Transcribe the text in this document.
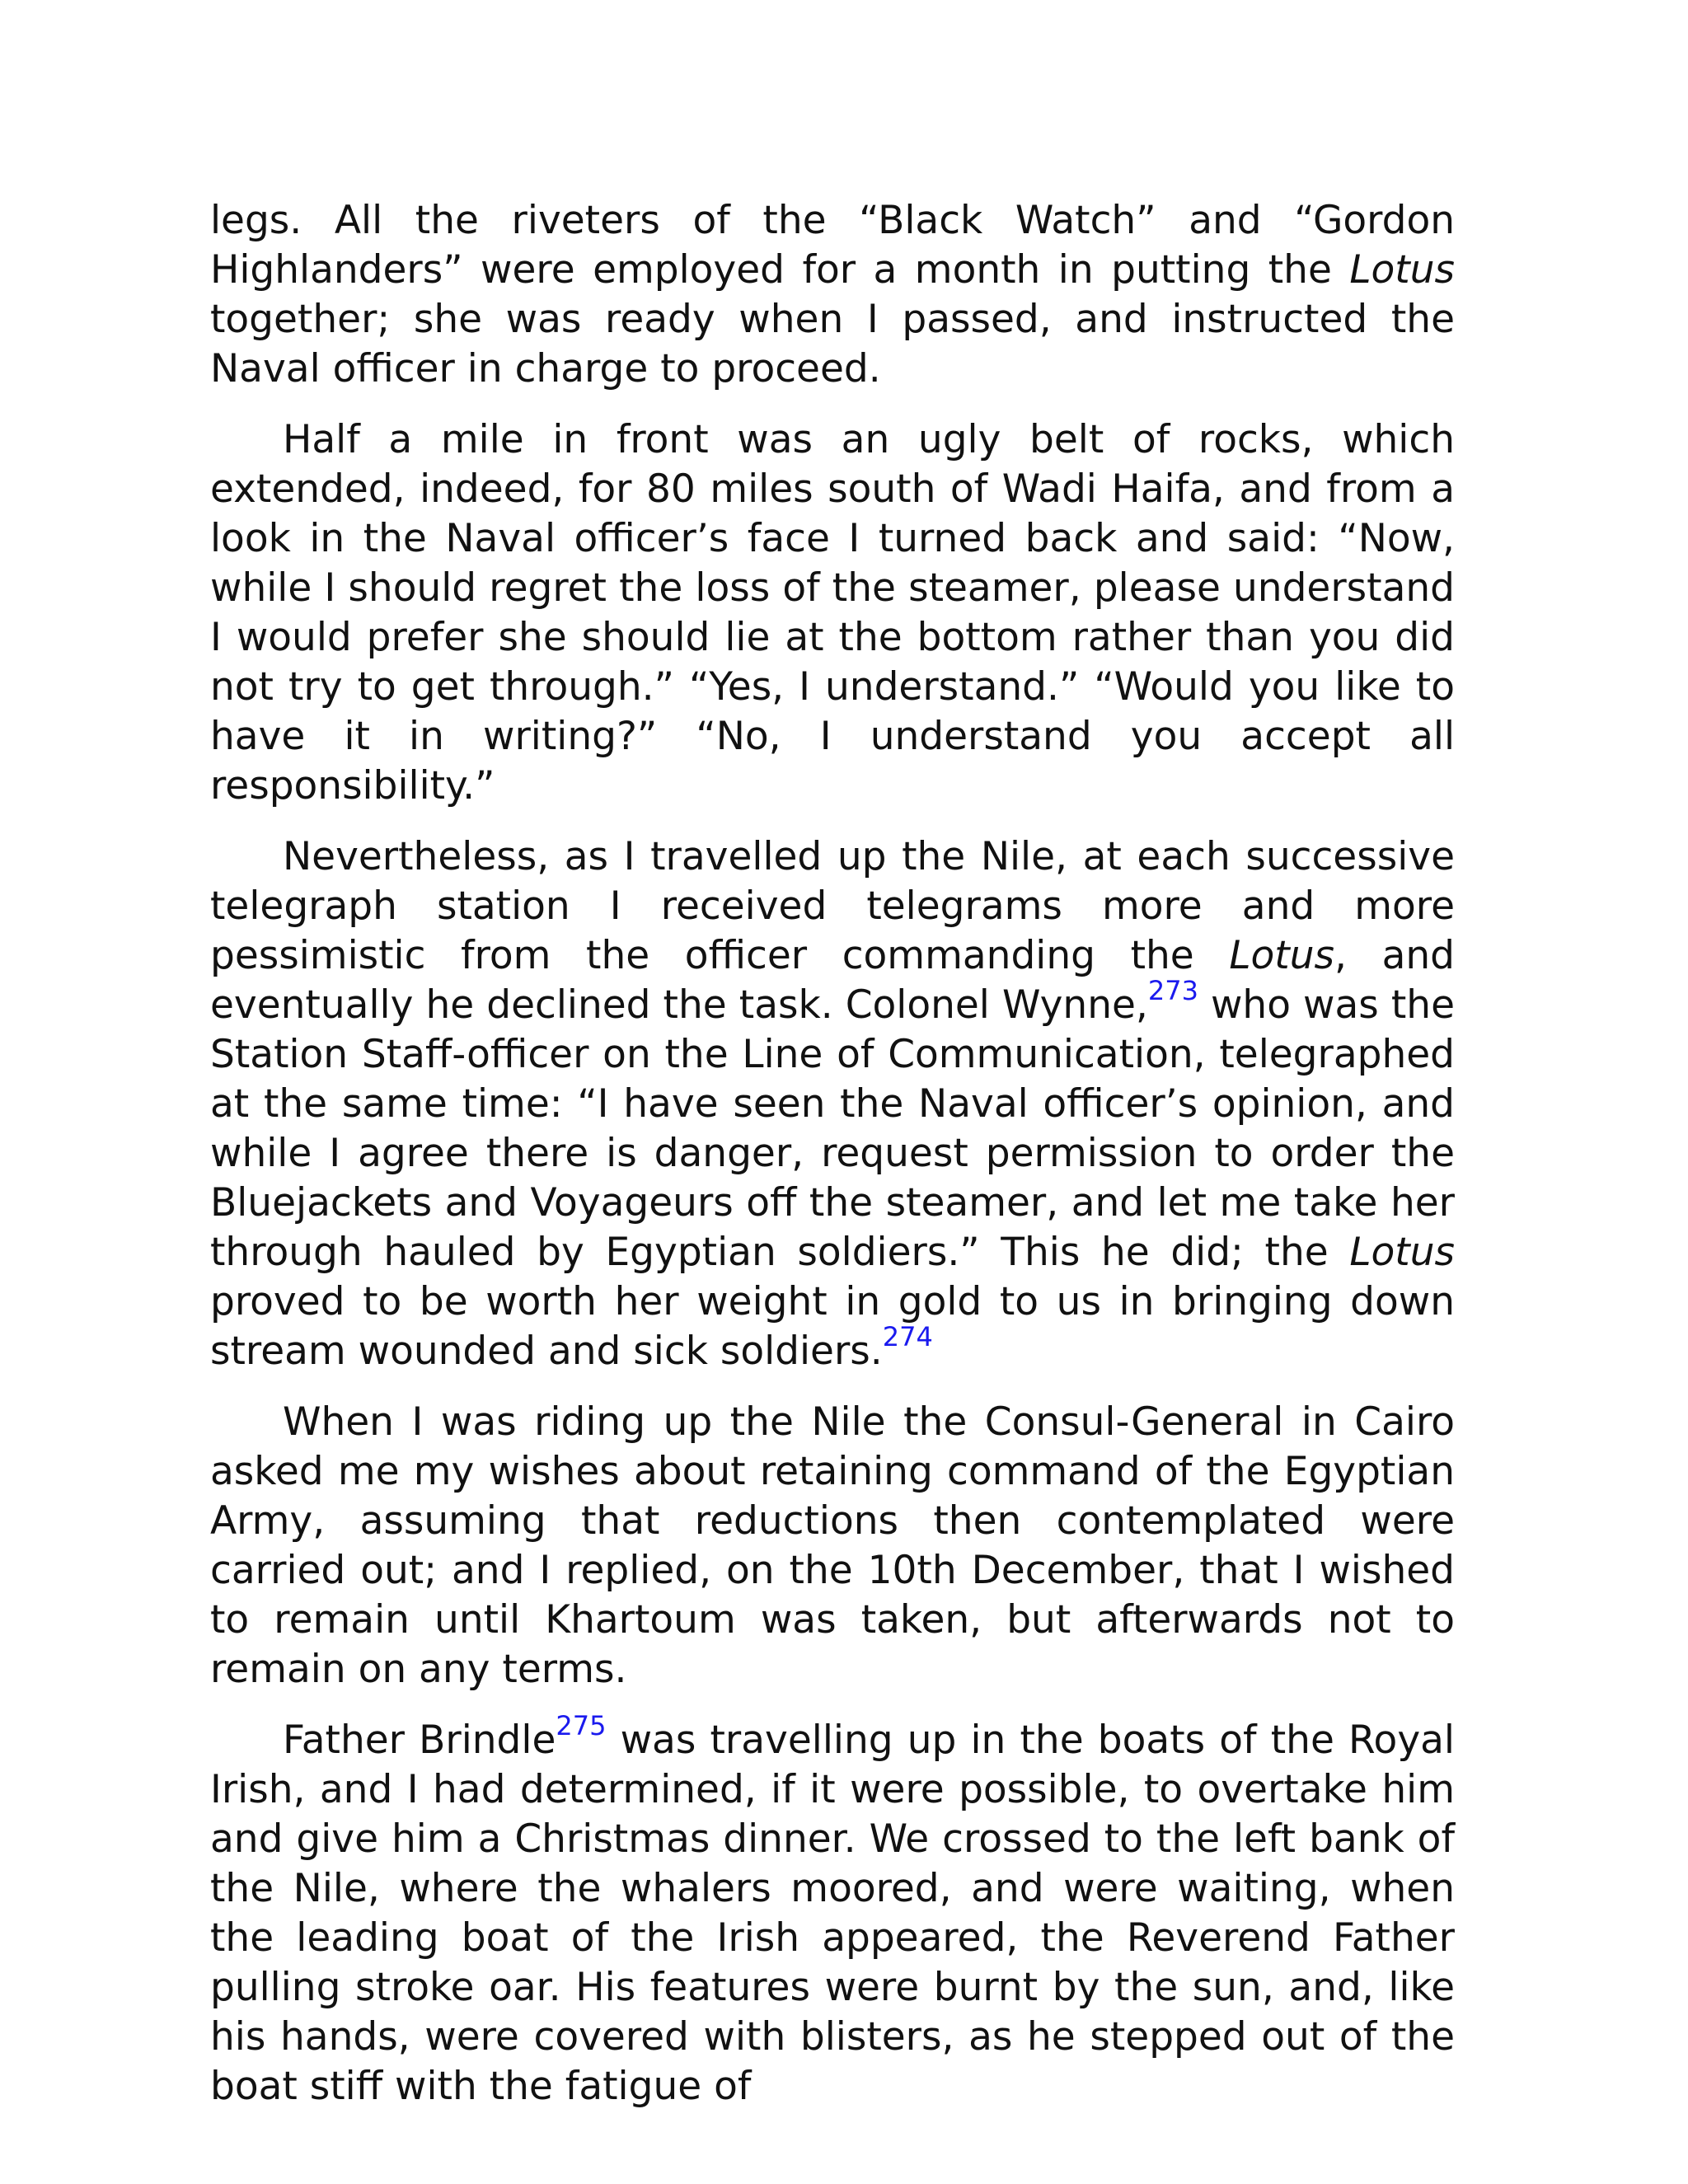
legs. All the riveters of the “Black Watch” and “Gordon Highlanders” were employed for a month in putting the Lotus together; she was ready when I passed, and instructed the Naval officer in charge to proceed.

Half a mile in front was an ugly belt of rocks, which extended, indeed, for 80 miles south of Wadi Haifa, and from a look in the Naval officer’s face I turned back and said: “Now, while I should regret the loss of the steamer, please understand I would prefer she should lie at the bottom rather than you did not try to get through.” “Yes, I understand.” “Would you like to have it in writing?” “No, I understand you accept all responsibility.”

Nevertheless, as I travelled up the Nile, at each successive telegraph station I received telegrams more and more pessimistic from the officer commanding the Lotus, and eventually he declined the task. Colonel Wynne,$^{273}$ who was the Station Staff-officer on the Line of Communication, telegraphed at the same time: “I have seen the Naval officer’s opinion, and while I agree there is danger, request permission to order the Bluejackets and Voyageurs off the steamer, and let me take her through hauled by Egyptian soldiers.” This he did; the Lotus proved to be worth her weight in gold to us in bringing down stream wounded and sick soldiers.$^{274}$

When I was riding up the Nile the Consul-General in Cairo asked me my wishes about retaining command of the Egyptian Army, assuming that reductions then contemplated were carried out; and I replied, on the 10th December, that I wished to remain until Khartoum was taken, but afterwards not to remain on any terms.

Father Brindle$^{275}$ was travelling up in the boats of the Royal Irish, and I had determined, if it were possible, to overtake him and give him a Christmas dinner. We crossed to the left bank of the Nile, where the whalers moored, and were waiting, when the leading boat of the Irish appeared, the Reverend Father pulling stroke oar. His features were burnt by the sun, and, like his hands, were covered with blisters, as he stepped out of the boat stiff with the fatigue of
